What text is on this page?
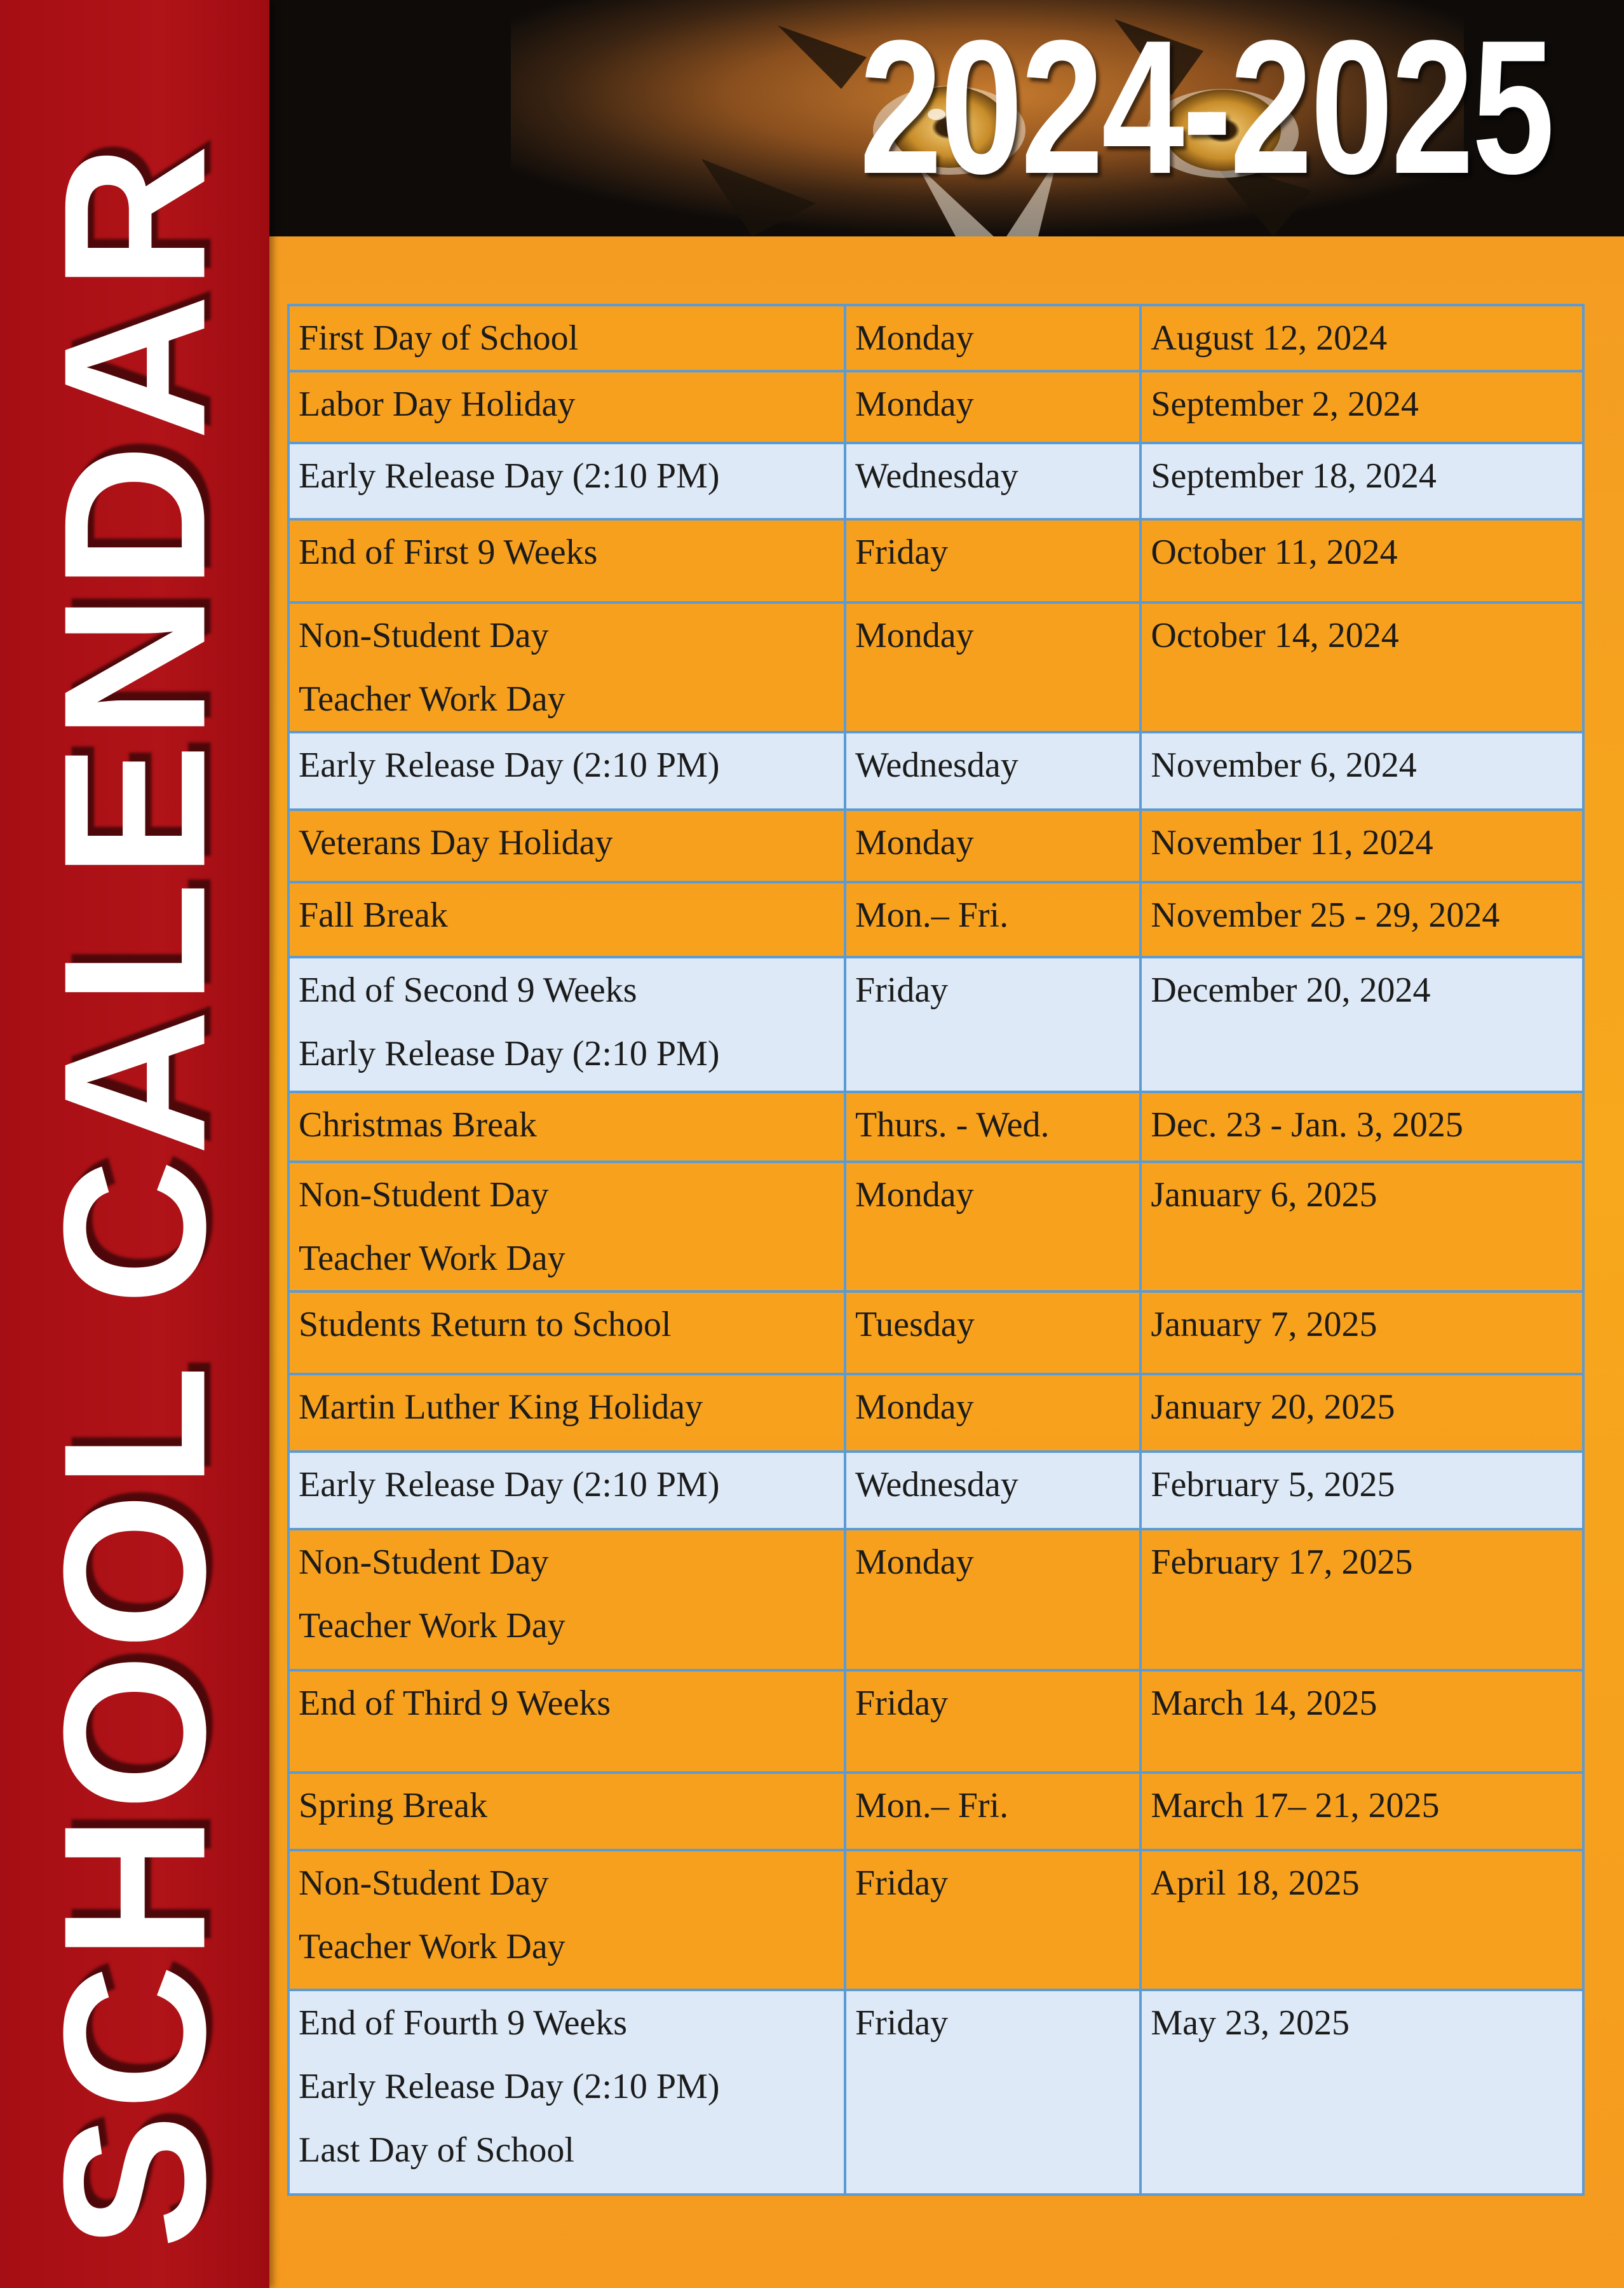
SCHOOL CALENDAR
2024-2025
First Day of School	Monday	August 12, 2024

Labor Day Holiday	Monday	September 2, 2024

Early Release Day (2:10 PM)	Wednesday	September 18, 2024

End of First 9 Weeks	Friday	October 11, 2024

Non-Student Day
Teacher Work Day	Monday	October 14, 2024

Early Release Day (2:10 PM)	Wednesday	November 6, 2024

Veterans Day Holiday	Monday	November 11, 2024

Fall Break	Mon.– Fri.	November 25 - 29, 2024

End of Second 9 Weeks
Early Release Day (2:10 PM)	Friday	December 20, 2024

Christmas Break	Thurs. - Wed.	Dec. 23 - Jan. 3, 2025

Non-Student Day
Teacher Work Day	Monday	January 6, 2025

Students Return to School	Tuesday	January 7, 2025

Martin Luther King Holiday	Monday	January 20, 2025

Early Release Day (2:10 PM)	Wednesday	February 5, 2025

Non-Student Day
Teacher Work Day	Monday	February 17, 2025

End of Third 9 Weeks	Friday	March 14, 2025

Spring Break	Mon.– Fri.	March 17– 21, 2025

Non-Student Day
Teacher Work Day	Friday	April 18, 2025

End of Fourth 9 Weeks
Early Release Day (2:10 PM)
Last Day of School	Friday	May 23, 2025
